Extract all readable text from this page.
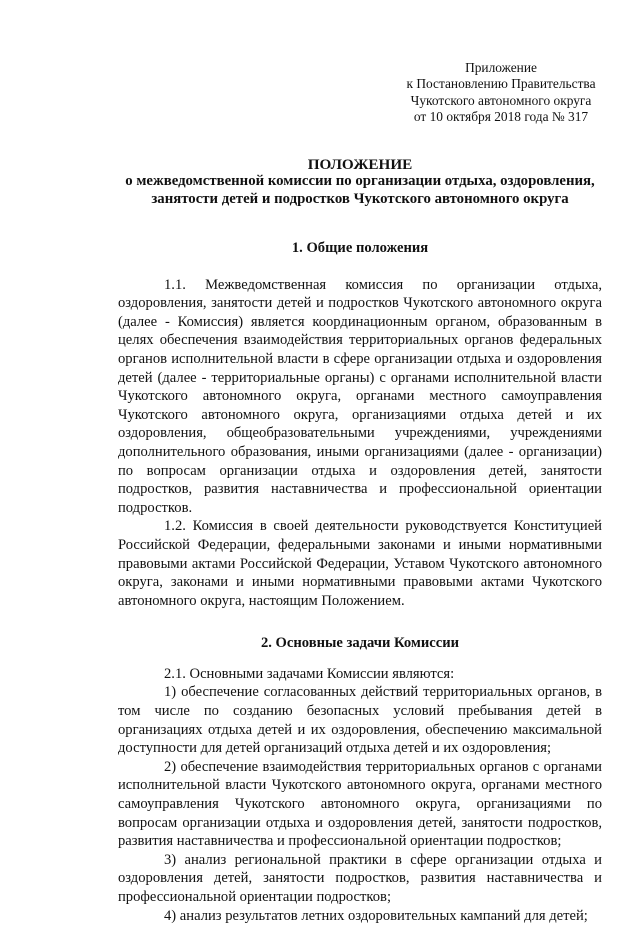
Приложение
к Постановлению Правительства
Чукотского автономного округа
от 10 октября 2018 года № 317
ПОЛОЖЕНИЕ
о межведомственной комиссии по организации отдыха, оздоровления,
занятости детей и подростков Чукотского автономного округа
1. Общие положения

1.1. Межведомственная комиссия по организации отдыха, оздоровления, занятости детей и подростков Чукотского автономного округа (далее - Комиссия) является координационным органом, образованным в целях обеспечения взаимодействия территориальных органов федеральных органов исполнительной власти в сфере организации отдыха и оздоровления детей (далее - территориальные органы) с органами исполнительной власти Чукотского автономного округа, органами местного самоуправления Чукотского автономного округа, организациями отдыха детей и их оздоровления, общеобразовательными учреждениями, учреждениями дополнительного образования, иными организациями (далее - организации) по вопросам организации отдыха и оздоровления детей, занятости подростков, развития наставничества и профессиональной ориентации подростков.

1.2. Комиссия в своей деятельности руководствуется Конституцией Российской Федерации, федеральными законами и иными нормативными правовыми актами Российской Федерации, Уставом Чукотского автономного округа, законами и иными нормативными правовыми актами Чукотского автономного округа, настоящим Положением.

2. Основные задачи Комиссии

2.1. Основными задачами Комиссии являются:

1) обеспечение согласованных действий территориальных органов, в том числе по созданию безопасных условий пребывания детей в организациях отдыха детей и их оздоровления, обеспечению максимальной доступности для детей организаций отдыха детей и их оздоровления;

2) обеспечение взаимодействия территориальных органов с органами исполнительной власти Чукотского автономного округа, органами местного самоуправления Чукотского автономного округа, организациями по вопросам организации отдыха и оздоровления детей, занятости подростков, развития наставничества и профессиональной ориентации подростков;

3) анализ региональной практики в сфере организации отдыха и оздоровления детей, занятости подростков, развития наставничества и профессиональной ориентации подростков;

4) анализ результатов летних оздоровительных кампаний для детей;
